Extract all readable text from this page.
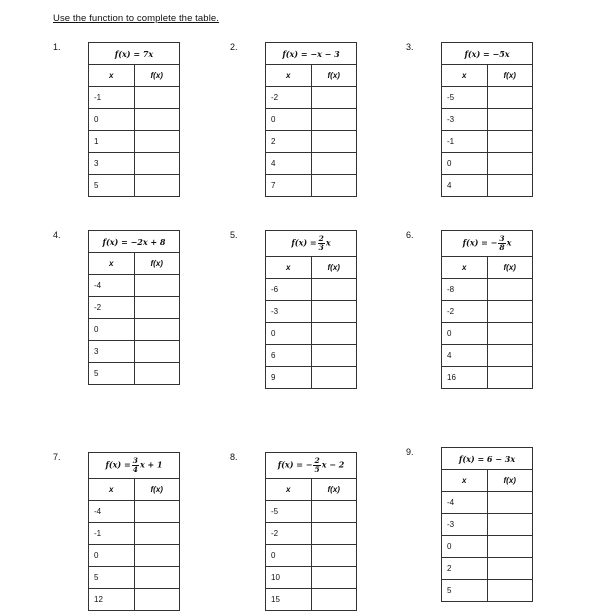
Use the function to complete the table.
1.
f(x) = 7x	
x	f(x)
-1	
0	
1	
3	
5	
2.
f(x) = −x − 3	
x	f(x)
-2	
0	
2	
4	
7	
3.
f(x) = −5x	
x	f(x)
-5	
-3	
-1	
0	
4	
4.
f(x) = −2x + 8	
x	f(x)
-4	
-2	
0	
3	
5	
5.
$f(x) = \frac{2}{3}$ x	
x	f(x)
-6	
-3	
0	
6	
9	
6.
f(x) = − $\frac{3}{8}$ x	
x	f(x)
-8	
-2	
0	
4	
16	
7.
$f(x) = \frac{3}{4}$ x + 1	
x	f(x)
-4	
-1	
0	
5	
12	
8.
f(x) = − $\frac{2}{5}$ x − 2	
x	f(x)
-5	
-2	
0	
10	
15	
9.
f(x) = 6 − 3x	
x	f(x)
-4	
-3	
0	
2	
5	
